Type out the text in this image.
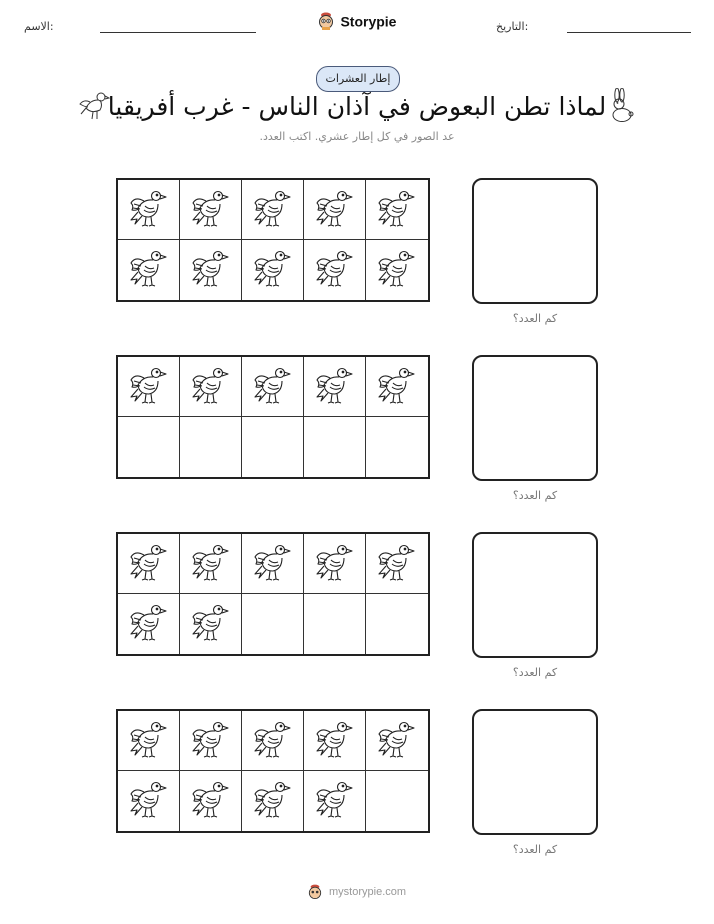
الاسم:	Storypie	التاريخ:
إطار العشرات
لماذا تطن البعوض في آذان الناس - غرب أفريقيا
عد الصور في كل إطار عشري. اكتب العدد.
كم العدد؟
كم العدد؟
كم العدد؟
كم العدد؟
mystorypie.com
